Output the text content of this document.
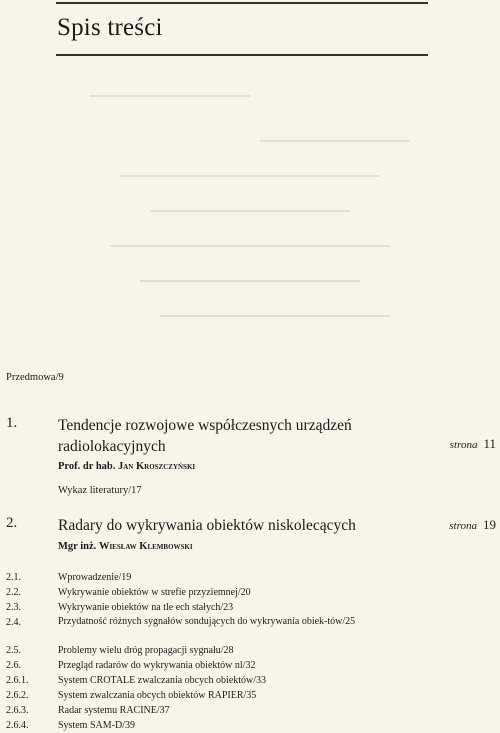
Spis treści
Przedmowa/9
1.	Tendencje rozwojowe współczesnych urządzeń radiolokacyjnych	strona 11
Prof. dr hab. Jan Kroszczyński
Wykaz literatury/17
2.	Radary do wykrywania obiektów niskolecących	strona 19
Mgr inż. Wiesław Klembowski
2.1.	Wprowadzenie/19
2.2.	Wykrywanie obiektów w strefie przyziemnej/20
2.3.	Wykrywanie obiektów na tle ech stałych/23
2.4.	Przydatność różnych sygnałów sondujących do wykrywania obiek-tów/25
2.5.	Problemy wielu dróg propagacji sygnału/28
2.6.	Przegląd radarów do wykrywania obiektów nl/32
2.6.1.	System CROTALE zwalczania obcych obiektów/33
2.6.2.	System zwalczania obcych obiektów RAPIER/35
2.6.3.	Radar systemu RACINE/37
2.6.4.	System SAM-D/39
